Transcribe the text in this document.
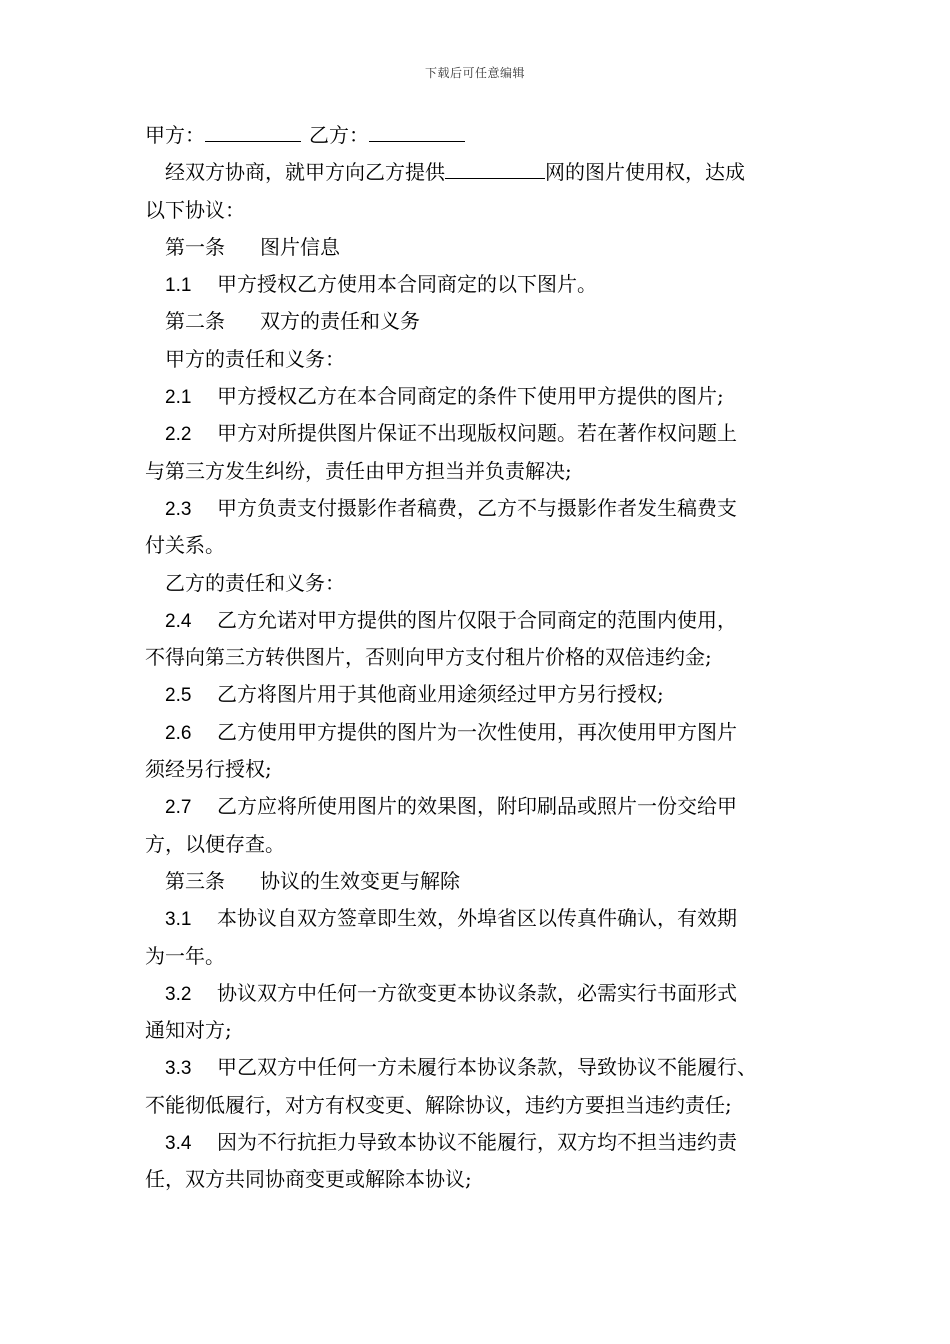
下载后可任意编辑
甲方：	乙方：
经双方协商，就甲方向乙方提供	网的图片使用权，达成
以下协议：
第一条 图片信息
1.1 甲方授权乙方使用本合同商定的以下图片。
第二条 双方的责任和义务
甲方的责任和义务：
2.1 甲方授权乙方在本合同商定的条件下使用甲方提供的图片;
2.2 甲方对所提供图片保证不出现版权问题。若在著作权问题上
与第三方发生纠纷，责任由甲方担当并负责解决;
2.3 甲方负责支付摄影作者稿费，乙方不与摄影作者发生稿费支
付关系。
乙方的责任和义务：
2.4 乙方允诺对甲方提供的图片仅限于合同商定的范围内使用，
不得向第三方转供图片，否则向甲方支付租片价格的双倍违约金;
2.5 乙方将图片用于其他商业用途须经过甲方另行授权;
2.6 乙方使用甲方提供的图片为一次性使用，再次使用甲方图片
须经另行授权;
2.7 乙方应将所使用图片的效果图，附印刷品或照片一份交给甲
方，以便存查。
第三条 协议的生效变更与解除
3.1 本协议自双方签章即生效，外埠省区以传真件确认，有效期
为一年。
3.2 协议双方中任何一方欲变更本协议条款，必需实行书面形式
通知对方;
3.3 甲乙双方中任何一方未履行本协议条款，导致协议不能履行、
不能彻低履行，对方有权变更、解除协议，违约方要担当违约责任;
3.4 因为不行抗拒力导致本协议不能履行，双方均不担当违约责
任，双方共同协商变更或解除本协议;
